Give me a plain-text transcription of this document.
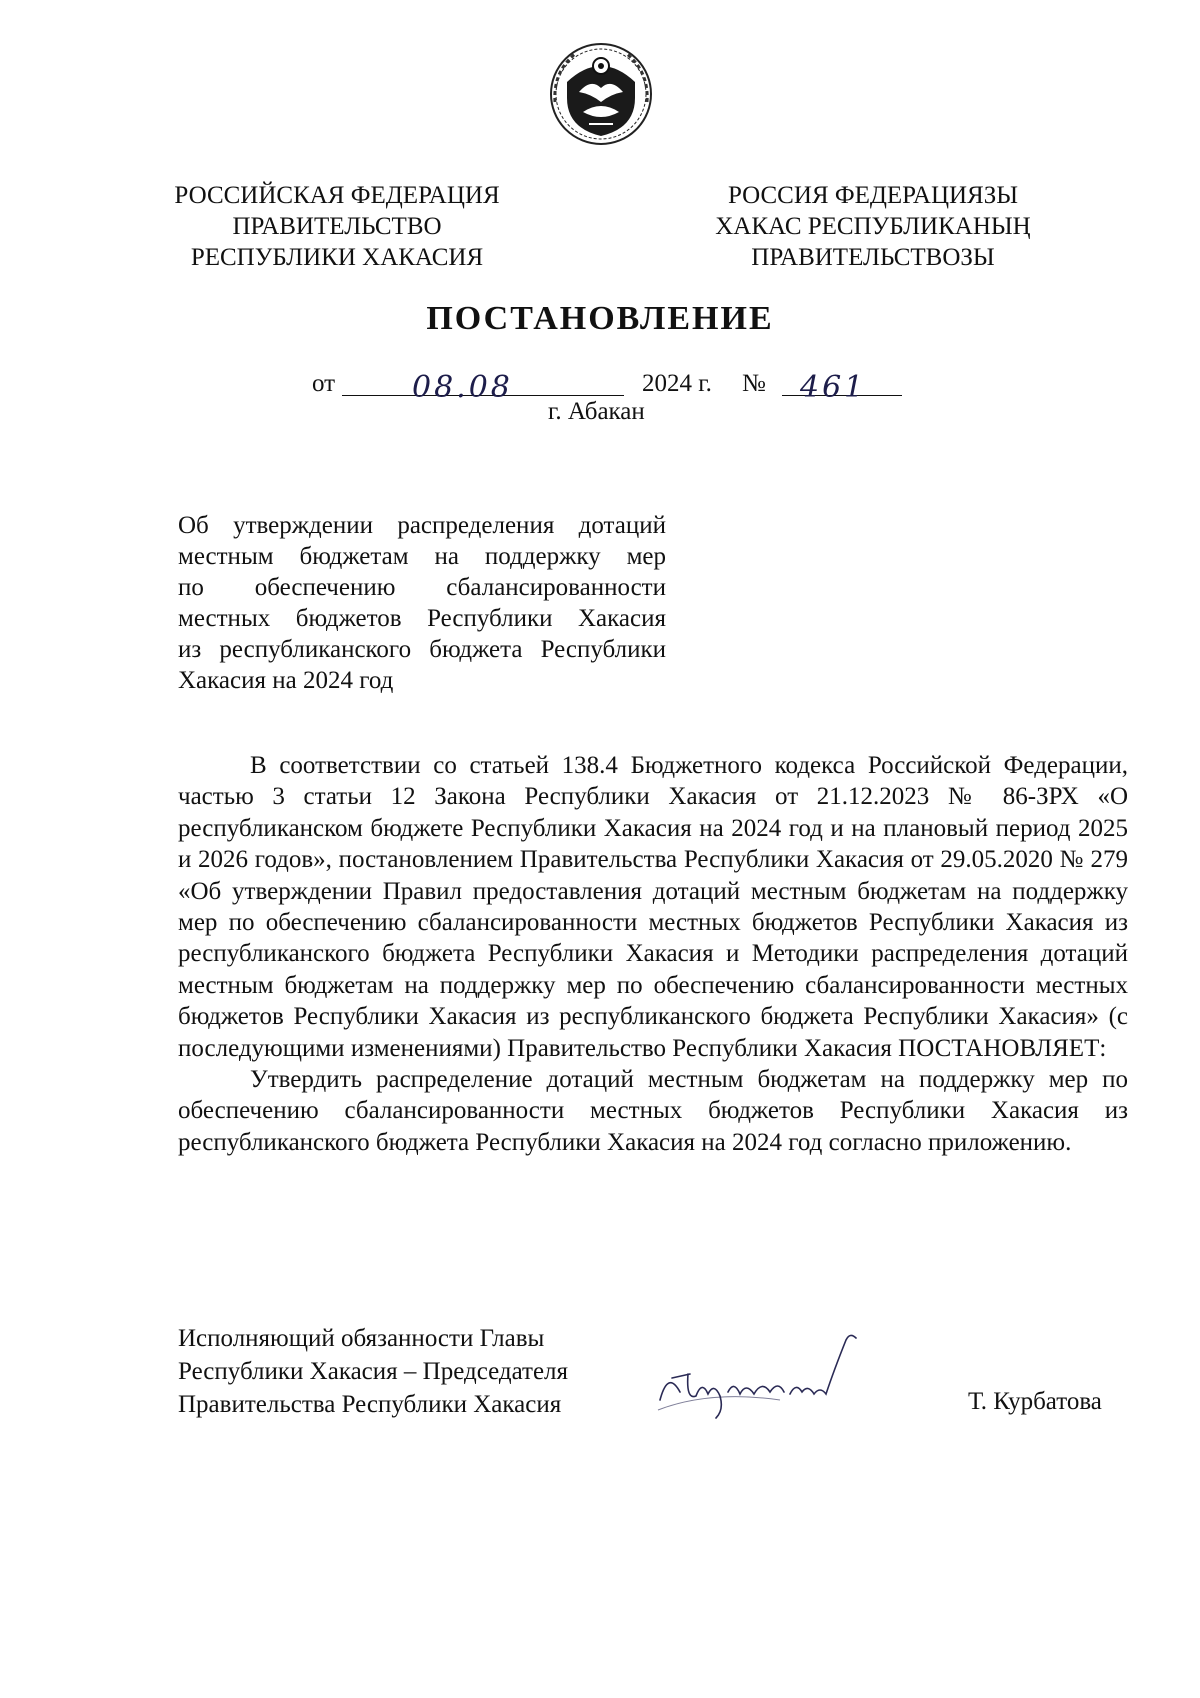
РОССИЙСКАЯ ФЕДЕРАЦИЯ
ПРАВИТЕЛЬСТВО
РЕСПУБЛИКИ ХАКАСИЯ
РОССИЯ ФЕДЕРАЦИЯЗЫ
ХАКАС РЕСПУБЛИКАНЫҢ
ПРАВИТЕЛЬСТВОЗЫ
ПОСТАНОВЛЕНИЕ
от	08.08	2024 г. № 461
г. Абакан
Об утверждении распределения дотаций
местным бюджетам на поддержку мер
по обеспечению сбалансированности
местных бюджетов Республики Хакасия
из республиканского бюджета Республики
Хакасия на 2024 год

В соответствии со статьей 138.4 Бюджетного кодекса Российской Федерации, частью 3 статьи 12 Закона Республики Хакасия от 21.12.2023 № 86-ЗРХ «О республиканском бюджете Республики Хакасия на 2024 год и на плановый период 2025 и 2026 годов», постановлением Правительства Республики Хакасия от 29.05.2020 № 279 «Об утверждении Правил предоставления дотаций местным бюджетам на поддержку мер по обеспечению сбалансированности местных бюджетов Республики Хакасия из республиканского бюджета Республики Хакасия и Методики распределения дотаций местным бюджетам на поддержку мер по обеспечению сбалансированности местных бюджетов Республики Хакасия из республиканского бюджета Республики Хакасия» (с последующими изменениями) Правительство Республики Хакасия ПОСТАНОВЛЯЕТ:

Утвердить распределение дотаций местным бюджетам на поддержку мер по обеспечению сбалансированности местных бюджетов Республики Хакасия из республиканского бюджета Республики Хакасия на 2024 год согласно приложению.

Исполняющий обязанности Главы
Республики Хакасия – Председателя
Правительства Республики Хакасия	Т. Курбатова
